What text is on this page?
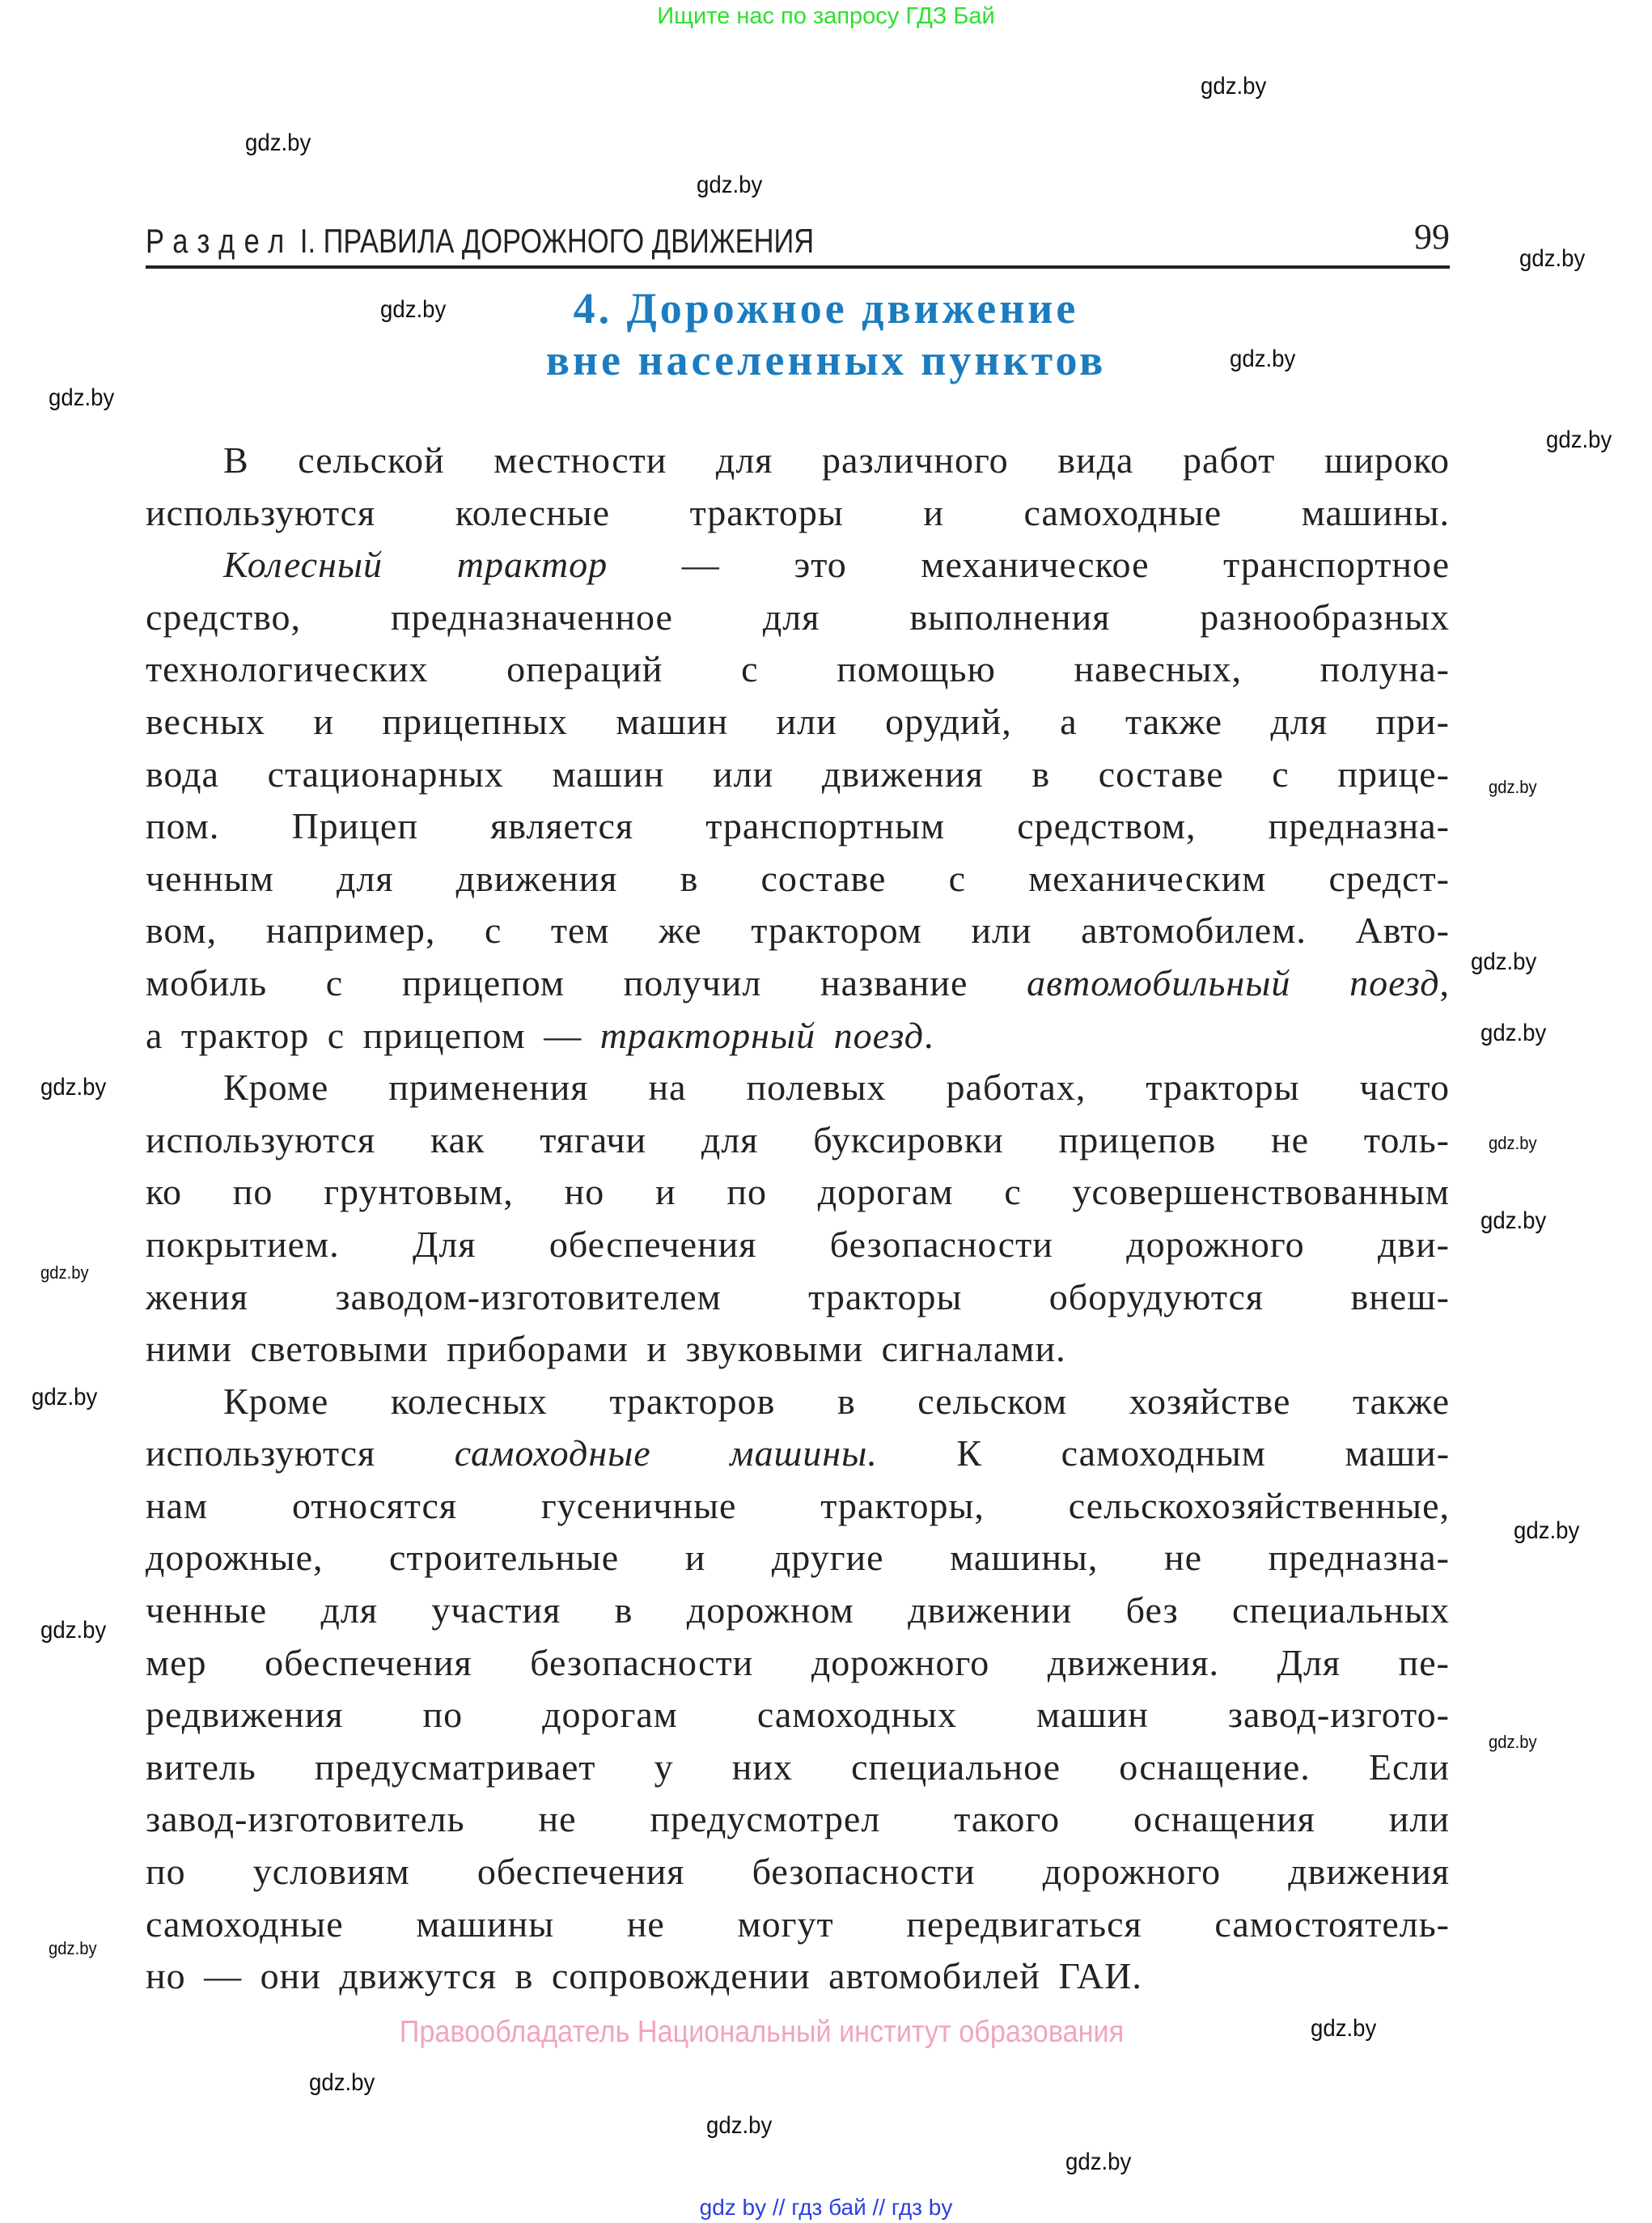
Ищите нас по запросу ГДЗ Бай
Раздел I. ПРАВИЛА ДОРОЖНОГО ДВИЖЕНИЯ	99
4. Дорожное движение
вне населенных пунктов
В сельской местности для различного вида работ широко
используются колесные тракторы и самоходные машины.
Колесный трактор — это механическое транспортное
средство, предназначенное для выполнения разнообразных
технологических операций с помощью навесных, полуна-
весных и прицепных машин или орудий, а также для при-
вода стационарных машин или движения в составе с прице-
пом. Прицеп является транспортным средством, предназна-
ченным для движения в составе с механическим средст-
вом, например, с тем же трактором или автомобилем. Авто-
мобиль с прицепом получил название автомобильный поезд,
а трактор с прицепом — тракторный поезд.
Кроме применения на полевых работах, тракторы часто
используются как тягачи для буксировки прицепов не толь-
ко по грунтовым, но и по дорогам с усовершенствованным
покрытием. Для обеспечения безопасности дорожного дви-
жения заводом-изготовителем тракторы оборудуются внеш-
ними световыми приборами и звуковыми сигналами.
Кроме колесных тракторов в сельском хозяйстве также
используются самоходные машины. К самоходным маши-
нам относятся гусеничные тракторы, сельскохозяйственные,
дорожные, строительные и другие машины, не предназна-
ченные для участия в дорожном движении без специальных
мер обеспечения безопасности дорожного движения. Для пе-
редвижения по дорогам самоходных машин завод-изгото-
витель предусматривает у них специальное оснащение. Если
завод-изготовитель не предусмотрел такого оснащения или
по условиям обеспечения безопасности дорожного движения
самоходные машины не могут передвигаться самостоятель-
но — они движутся в сопровождении автомобилей ГАИ.
Правообладатель Национальный институт образования
gdz by // гдз бай // гдз by
gdz.by
gdz.by
gdz.by
gdz.by
gdz.by
gdz.by
gdz.by
gdz.by
gdz.by
gdz.by
gdz.by
gdz.by
gdz.by
gdz.by
gdz.by
gdz.by
gdz.by
gdz.by
gdz.by
gdz.by
gdz.by
gdz.by
gdz.by
gdz.by
